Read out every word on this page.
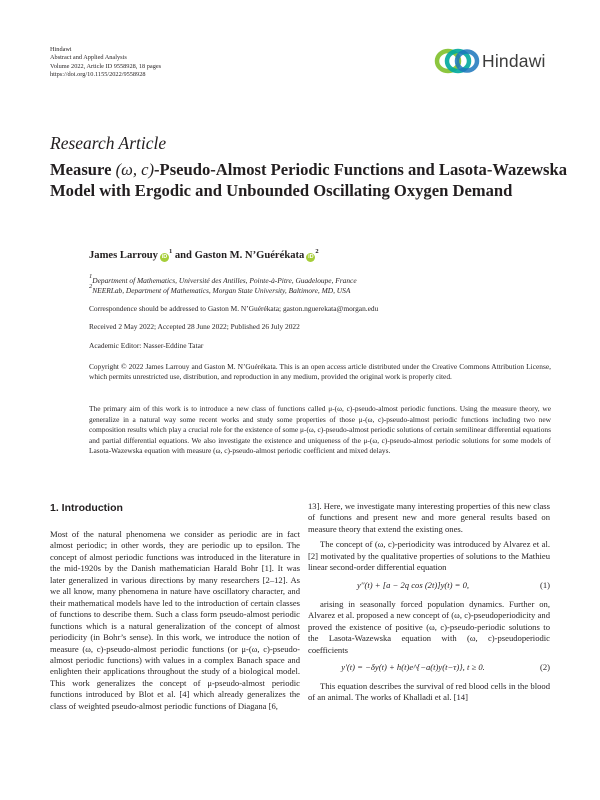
Hindawi
Abstract and Applied Analysis
Volume 2022, Article ID 9558928, 18 pages
https://doi.org/10.1155/2022/9558928
Hindawi
Research Article
Measure (ω, c)-Pseudo-Almost Periodic Functions and Lasota-Wazewska Model with Ergodic and Unbounded Oscillating Oxygen Demand
James Larrouy $iD^1$ and Gaston M. N’Guérékata $iD^2$
1Department of Mathematics, Université des Antilles, Pointe-à-Pitre, Guadeloupe, France
2NEERLab, Department of Mathematics, Morgan State University, Baltimore, MD, USA
Correspondence should be addressed to Gaston M. N’Guérékata; gaston.nguerekata@morgan.edu
Received 2 May 2022; Accepted 28 June 2022; Published 26 July 2022
Academic Editor: Nasser-Eddine Tatar
Copyright © 2022 James Larrouy and Gaston M. N’Guérékata. This is an open access article distributed under the Creative Commons Attribution License, which permits unrestricted use, distribution, and reproduction in any medium, provided the original work is properly cited.
The primary aim of this work is to introduce a new class of functions called μ-(ω, c)-pseudo-almost periodic functions. Using the measure theory, we generalize in a natural way some recent works and study some properties of those μ-(ω, c)-pseudo-almost periodic functions including two new composition results which play a crucial role for the existence of some μ-(ω, c)-pseudo-almost periodic solutions of certain semilinear differential equations and partial differential equations. We also investigate the existence and uniqueness of the μ-(ω, c)-pseudo-almost periodic solutions for some models of Lasota-Wazewska equation with measure (ω, c)-pseudo-almost periodic coefficient and mixed delays.
1. Introduction

Most of the natural phenomena we consider as periodic are in fact almost periodic; in other words, they are periodic up to epsilon. The concept of almost periodic functions was introduced in the literature in the mid-1920s by the Danish mathematician Harald Bohr [1]. It was later generalized in various directions by many researchers [2–12]. As we all know, many phenomena in nature have oscillatory character, and their mathematical models have led to the introduction of certain classes of functions to describe them. Such a class form pseudo-almost periodic functions which is a natural generalization of the concept of almost periodicity (in Bohr’s sense). In this work, we introduce the notion of measure (ω, c)-pseudo-almost periodic functions (or μ-(ω, c)-pseudo-almost periodic functions) with values in a complex Banach space and enlighten their applications throughout the study of a biological model. This work generalizes the concept of μ-pseudo-almost periodic functions introduced by Blot et al. [4] which already generalizes the class of weighted pseudo-almost periodic functions of Diagana [6,

13]. Here, we investigate many interesting properties of this new class of functions and present new and more general results based on measure theory that extend the existing ones.

The concept of (ω, c)-periodicity was introduced by Alvarez et al. [2] motivated by the qualitative properties of solutions to the Mathieu linear second-order differential equation

y′′(t) + [a − 2q cos (2t)]y(t) = 0,	(1)

arising in seasonally forced population dynamics. Further on, Alvarez et al. proposed a new concept of (ω, c)-pseudoperiodicity and proved the existence of positive (ω, c)-pseudo-periodic solutions to the Lasota-Wazewska equation with (ω, c)-pseudoperiodic coefficients

y′(t) = −δy(t) + h(t)e^{−a(t)y(t−τ)}, t ≥ 0.	(2)

This equation describes the survival of red blood cells in the blood of an animal. The works of Khalladi et al. [14]
